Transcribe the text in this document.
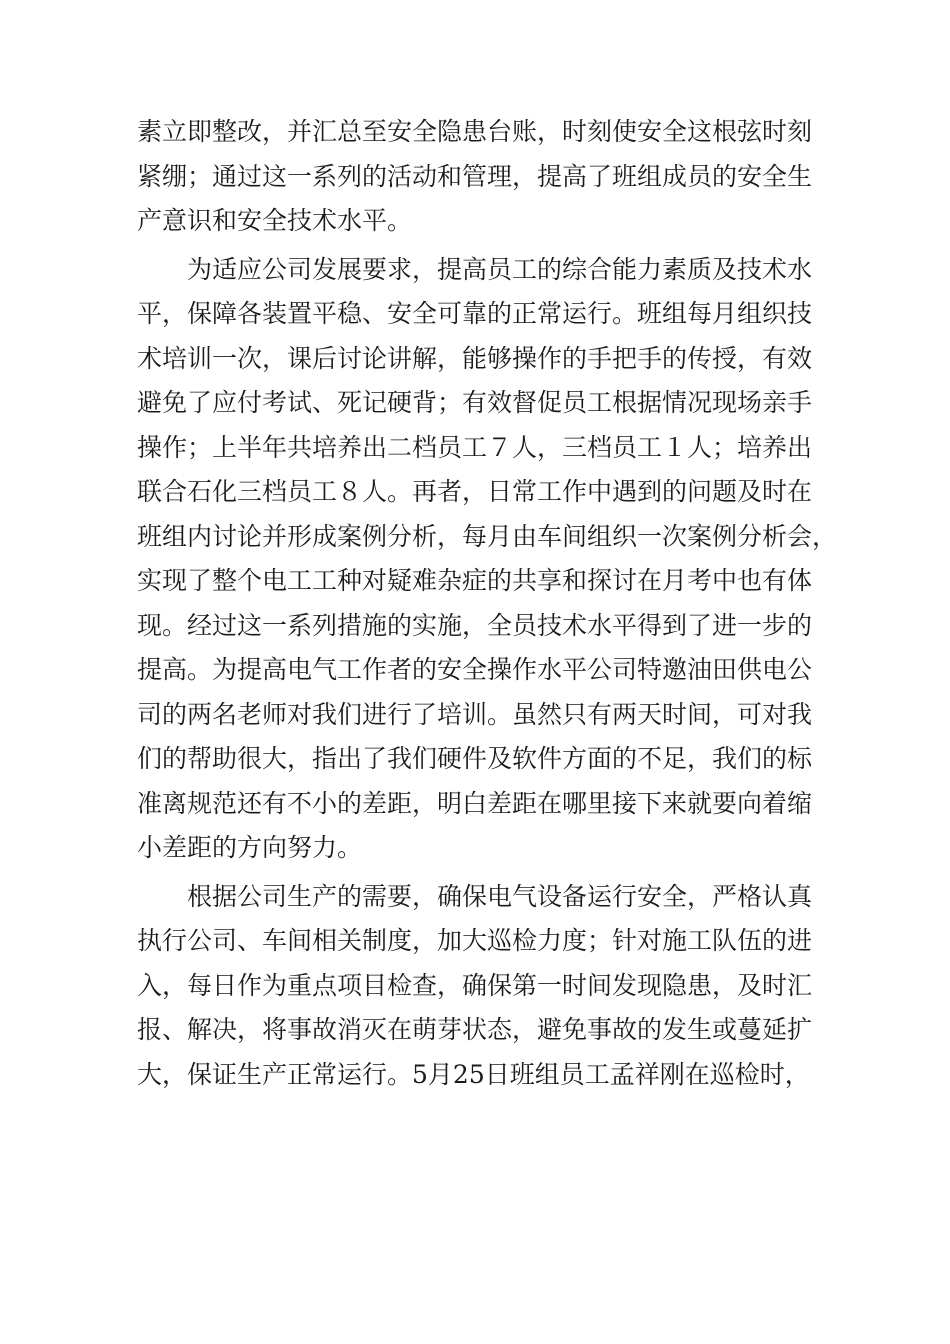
素立即整改，并汇总至安全隐患台账，时刻使安全这根弦时刻
紧绷；通过这一系列的活动和管理，提高了班组成员的安全生
产意识和安全技术水平。
为适应公司发展要求，提高员工的综合能力素质及技术水
平，保障各装置平稳、安全可靠的正常运行。班组每月组织技
术培训一次，课后讨论讲解，能够操作的手把手的传授，有效
避免了应付考试、死记硬背；有效督促员工根据情况现场亲手
操作；上半年共培养出二档员工７人，三档员工１人；培养出
联合石化三档员工８人。再者，日常工作中遇到的问题及时在
班组内讨论并形成案例分析，每月由车间组织一次案例分析会，
实现了整个电工工种对疑难杂症的共享和探讨在月考中也有体
现。经过这一系列措施的实施，全员技术水平得到了进一步的
提高。为提高电气工作者的安全操作水平公司特邀油田供电公
司的两名老师对我们进行了培训。虽然只有两天时间，可对我
们的帮助很大，指出了我们硬件及软件方面的不足，我们的标
准离规范还有不小的差距，明白差距在哪里接下来就要向着缩
小差距的方向努力。
根据公司生产的需要，确保电气设备运行安全，严格认真
执行公司、车间相关制度，加大巡检力度；针对施工队伍的进
入，每日作为重点项目检查，确保第一时间发现隐患，及时汇
报、解决，将事故消灭在萌芽状态，避免事故的发生或蔓延扩
大，保证生产正常运行。5月25日班组员工孟祥刚在巡检时，
